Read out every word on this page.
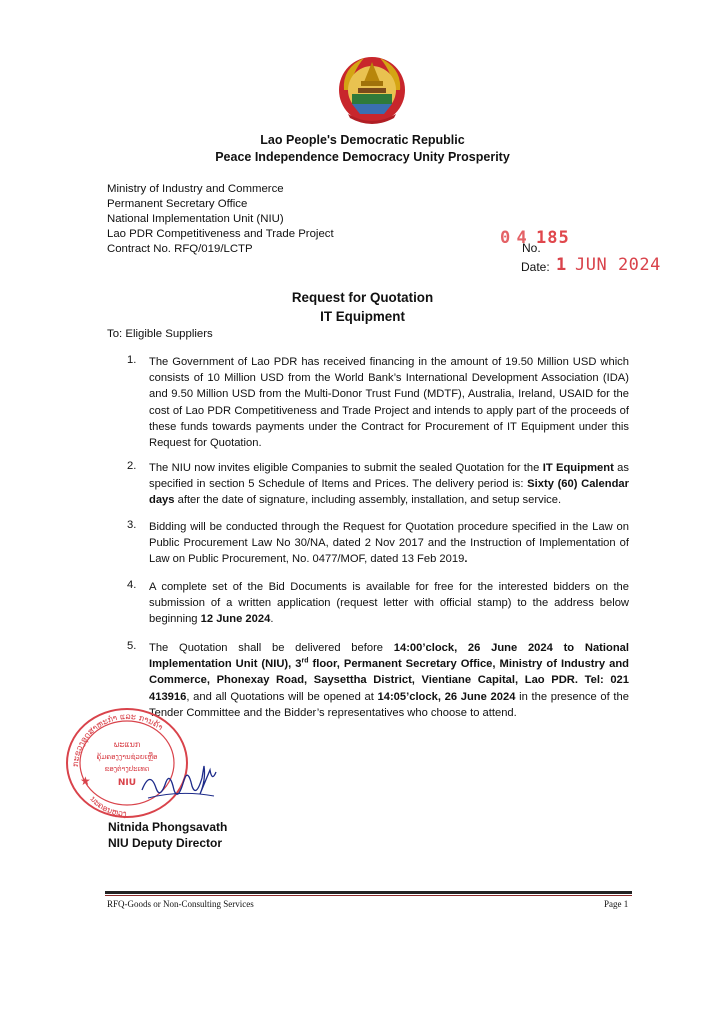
Lao People's Democratic Republic
Peace Independence Democracy Unity Prosperity
Ministry of Industry and Commerce
Permanent Secretary Office
National Implementation Unit (NIU)
Lao PDR Competitiveness and Trade Project
Contract No. RFQ/019/LCTP
0 4 185
No.
Date: 1 JUN 2024
Request for Quotation
IT Equipment
To: Eligible Suppliers
1. The Government of Lao PDR has received financing in the amount of 19.50 Million USD which consists of 10 Million USD from the World Bank’s International Development Association (IDA) and 9.50 Million USD from the Multi-Donor Trust Fund (MDTF), Australia, Ireland, USAID for the cost of Lao PDR Competitiveness and Trade Project and intends to apply part of the proceeds of these funds towards payments under the Contract for Procurement of IT Equipment under this Request for Quotation.
2. The NIU now invites eligible Companies to submit the sealed Quotation for the IT Equipment as specified in section 5 Schedule of Items and Prices. The delivery period is: Sixty (60) Calendar days after the date of signature, including assembly, installation, and setup service.
3. Bidding will be conducted through the Request for Quotation procedure specified in the Law on Public Procurement Law No 30/NA, dated 2 Nov 2017 and the Instruction of Implementation of Law on Public Procurement, No. 0477/MOF, dated 13 Feb 2019.
4. A complete set of the Bid Documents is available for free for the interested bidders on the submission of a written application (request letter with official stamp) to the address below beginning 12 June 2024.
5. The Quotation shall be delivered before 14:00’clock, 26 June 2024 to National Implementation Unit (NIU), 3rd floor, Permanent Secretary Office, Ministry of Industry and Commerce, Phonexay Road, Saysettha District, Vientiane Capital, Lao PDR. Tel: 021 413916, and all Quotations will be opened at 14:05’clock, 26 June 2024 in the presence of the Tender Committee and the Bidder’s representatives who choose to attend.
ກະຊວງອຸດສາຫະກຳ ແລະ ການຄ້າ
ພະແນກ
ຄຸ້ມຄອງງານຊ່ວຍເຫຼືອ
ຂອງຕ່າງປະເທດ
NIU
★
ນະຄອນຫຼວງ
Nitnida Phongsavath
NIU Deputy Director
RFQ-Goods or Non-Consulting Services	Page 1
